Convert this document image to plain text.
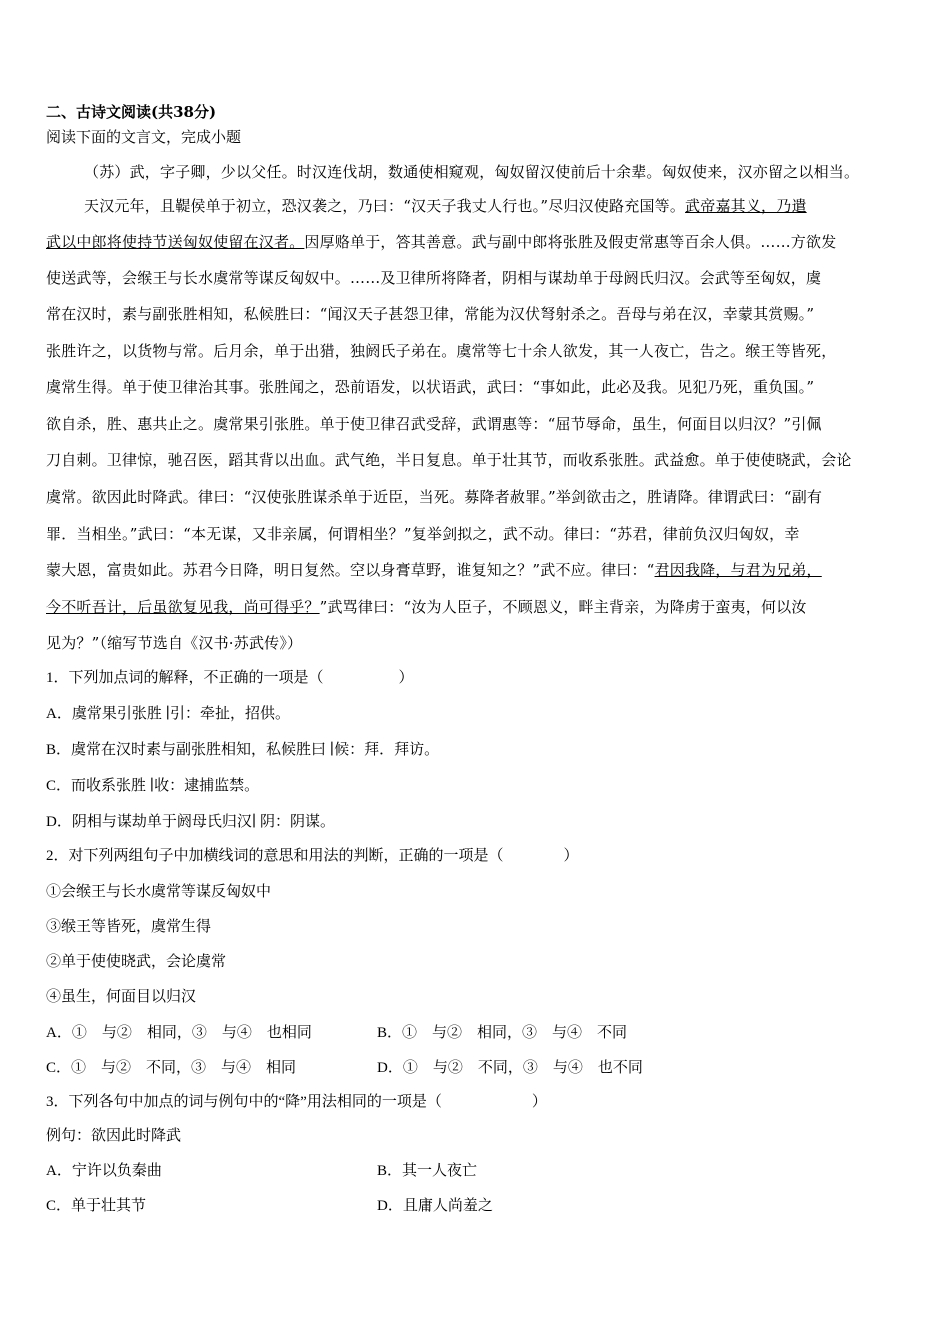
二、古诗文阅读(共38分)
阅读下面的文言文，完成小题
（苏）武，字子卿，少以父任。时汉连伐胡，数通使相窥观，匈奴留汉使前后十余辈。匈奴使来，汉亦留之以相当。
天汉元年，且鞮侯单于初立，恐汉袭之，乃曰：“汉天子我丈人行也。”尽归汉使路充国等。武帝嘉其义，乃遣
武以中郎将使持节送匈奴使留在汉者。因厚赂单于，答其善意。武与副中郎将张胜及假吏常惠等百余人俱。……方欲发
使送武等，会缑王与长水虞常等谋反匈奴中。……及卫律所将降者，阴相与谋劫单于母阏氏归汉。会武等至匈奴，虞
常在汉时，素与副张胜相知，私候胜曰：“闻汉天子甚怨卫律，常能为汉伏弩射杀之。吾母与弟在汉，幸蒙其赏赐。”
张胜许之，以货物与常。后月余，单于出猎，独阏氏子弟在。虞常等七十余人欲发，其一人夜亡，告之。缑王等皆死，
虞常生得。单于使卫律治其事。张胜闻之，恐前语发，以状语武，武曰：“事如此，此必及我。见犯乃死，重负国。”
欲自杀，胜、惠共止之。虞常果引张胜。单于使卫律召武受辞，武谓惠等：“屈节辱命，虽生，何面目以归汉？”引佩
刀自刺。卫律惊，驰召医，蹈其背以出血。武气绝，半日复息。单于壮其节，而收系张胜。武益愈。单于使使晓武，会论
虞常。欲因此时降武。律曰：“汉使张胜谋杀单于近臣，当死。募降者赦罪。”举剑欲击之，胜请降。律谓武曰：“副有
罪．当相坐。”武曰：“本无谋，又非亲属，何谓相坐？”复举剑拟之，武不动。律曰：“苏君，律前负汉归匈奴，幸
蒙大恩，富贵如此。苏君今日降，明日复然。空以身膏草野，谁复知之？”武不应。律曰：“君因我降，与君为兄弟，
今不听吾计，后虽欲复见我，尚可得乎？”武骂律曰：“汝为人臣子，不顾恩义，畔主背亲，为降虏于蛮夷，何以汝
见为？”（缩写节选自《汉书·苏武传》）
1．下列加点词的解释，不正确的一项是（　　　　　）
A．虞常果引张胜 ∣引：牵扯，招供。
B．虞常在汉时素与副张胜相知，私候胜曰 ∣候：拜．拜访。
C．而收系张胜 ∣收：逮捕监禁。
D．阴相与谋劫单于阏母氏归汉∣ 阴：阴谋。
2．对下列两组句子中加横线词的意思和用法的判断，正确的一项是（　　　　）
①会缑王与长水虞常等谋反匈奴中
③缑王等皆死，虞常生得
②单于使使晓武，会论虞常
④虽生，何面目以归汉
A．①　与②　相同，③　与④　也相同	B．①　与②　相同，③　与④　不同
C．①　与②　不同，③　与④　相同	D．①　与②　不同，③　与④　也不同
3．下列各句中加点的词与例句中的“降”用法相同的一项是（　　　　　　）
例句：欲因此时降武
A．宁许以负秦曲	B．其一人夜亡
C．单于壮其节	D．且庸人尚羞之
